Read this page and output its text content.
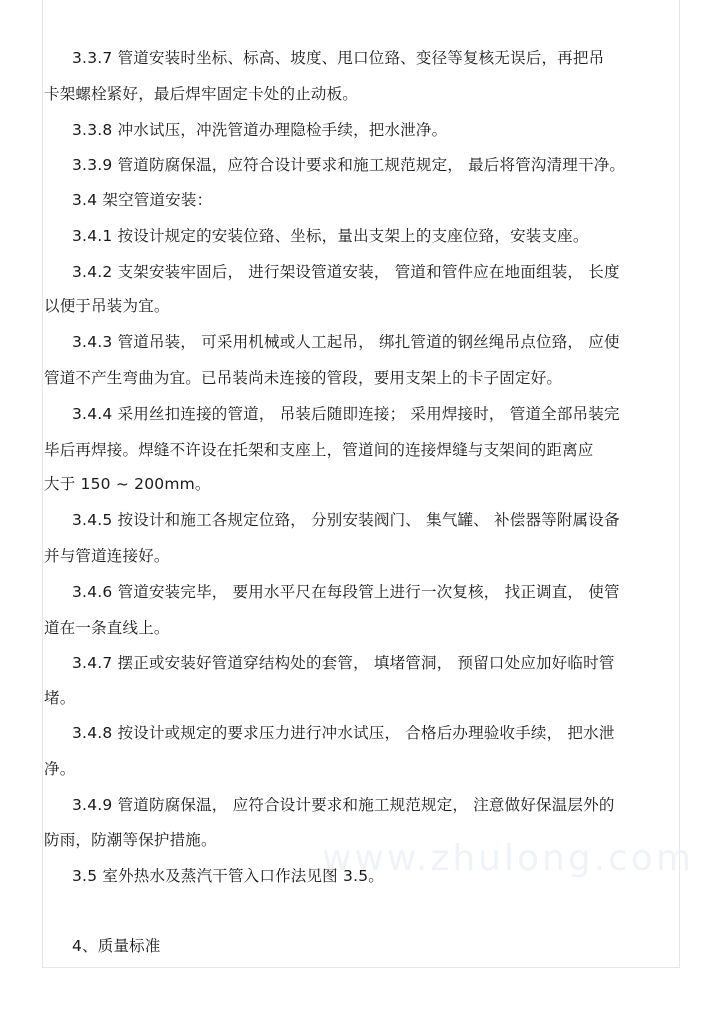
3.3.7 管道安装时坐标、标高、坡度、甩口位臵、变径等复核无误后，再把吊
卡架螺栓紧好，最后焊牢固定卡处的止动板。
3.3.8 冲水试压，冲洗管道办理隐检手续，把水泄净。
3.3.9 管道防腐保温，应符合设计要求和施工规范规定， 最后将管沟清理干净。
3.4 架空管道安装：
3.4.1 按设计规定的安装位臵、坐标，量出支架上的支座位臵，安装支座。
3.4.2 支架安装牢固后， 进行架设管道安装， 管道和管件应在地面组装， 长度
以便于吊装为宜。
3.4.3 管道吊装， 可采用机械或人工起吊， 绑扎管道的钢丝绳吊点位臵， 应使
管道不产生弯曲为宜。已吊装尚未连接的管段，要用支架上的卡子固定好。
3.4.4 采用丝扣连接的管道， 吊装后随即连接； 采用焊接时， 管道全部吊装完
毕后再焊接。焊缝不许设在托架和支座上，管道间的连接焊缝与支架间的距离应
大于 150 ~ 200mm。
3.4.5 按设计和施工各规定位臵， 分别安装阀门、 集气罐、 补偿器等附属设备
并与管道连接好。
3.4.6 管道安装完毕， 要用水平尺在每段管上进行一次复核， 找正调直， 使管
道在一条直线上。
3.4.7 摆正或安装好管道穿结构处的套管， 填堵管洞， 预留口处应加好临时管
堵。
3.4.8 按设计或规定的要求压力进行冲水试压， 合格后办理验收手续， 把水泄
净。
3.4.9 管道防腐保温， 应符合设计要求和施工规范规定， 注意做好保温层外的
防雨，防潮等保护措施。
3.5 室外热水及蒸汽干管入口作法见图 3.5。
4、质量标准
www.zhulong.com
